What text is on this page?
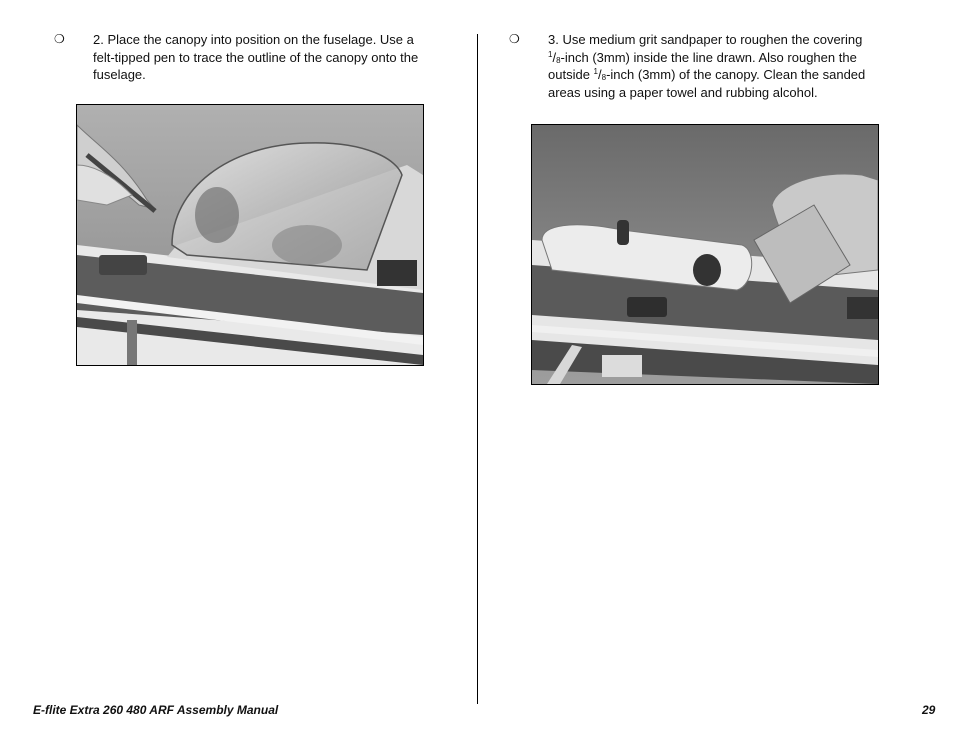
❍ 2. Place the canopy into position on the fuselage. Use a felt-tipped pen to trace the outline of the canopy onto the fuselage.

❍ 3. Use medium grit sandpaper to roughen the covering

$^1/_8$-inch (3mm) inside the line drawn. Also roughen the

outside $^1/_8$-inch (3mm) of the canopy. Clean the sanded

areas using a paper towel and rubbing alcohol.

E-flite Extra 260 480 ARF Assembly Manual	29
